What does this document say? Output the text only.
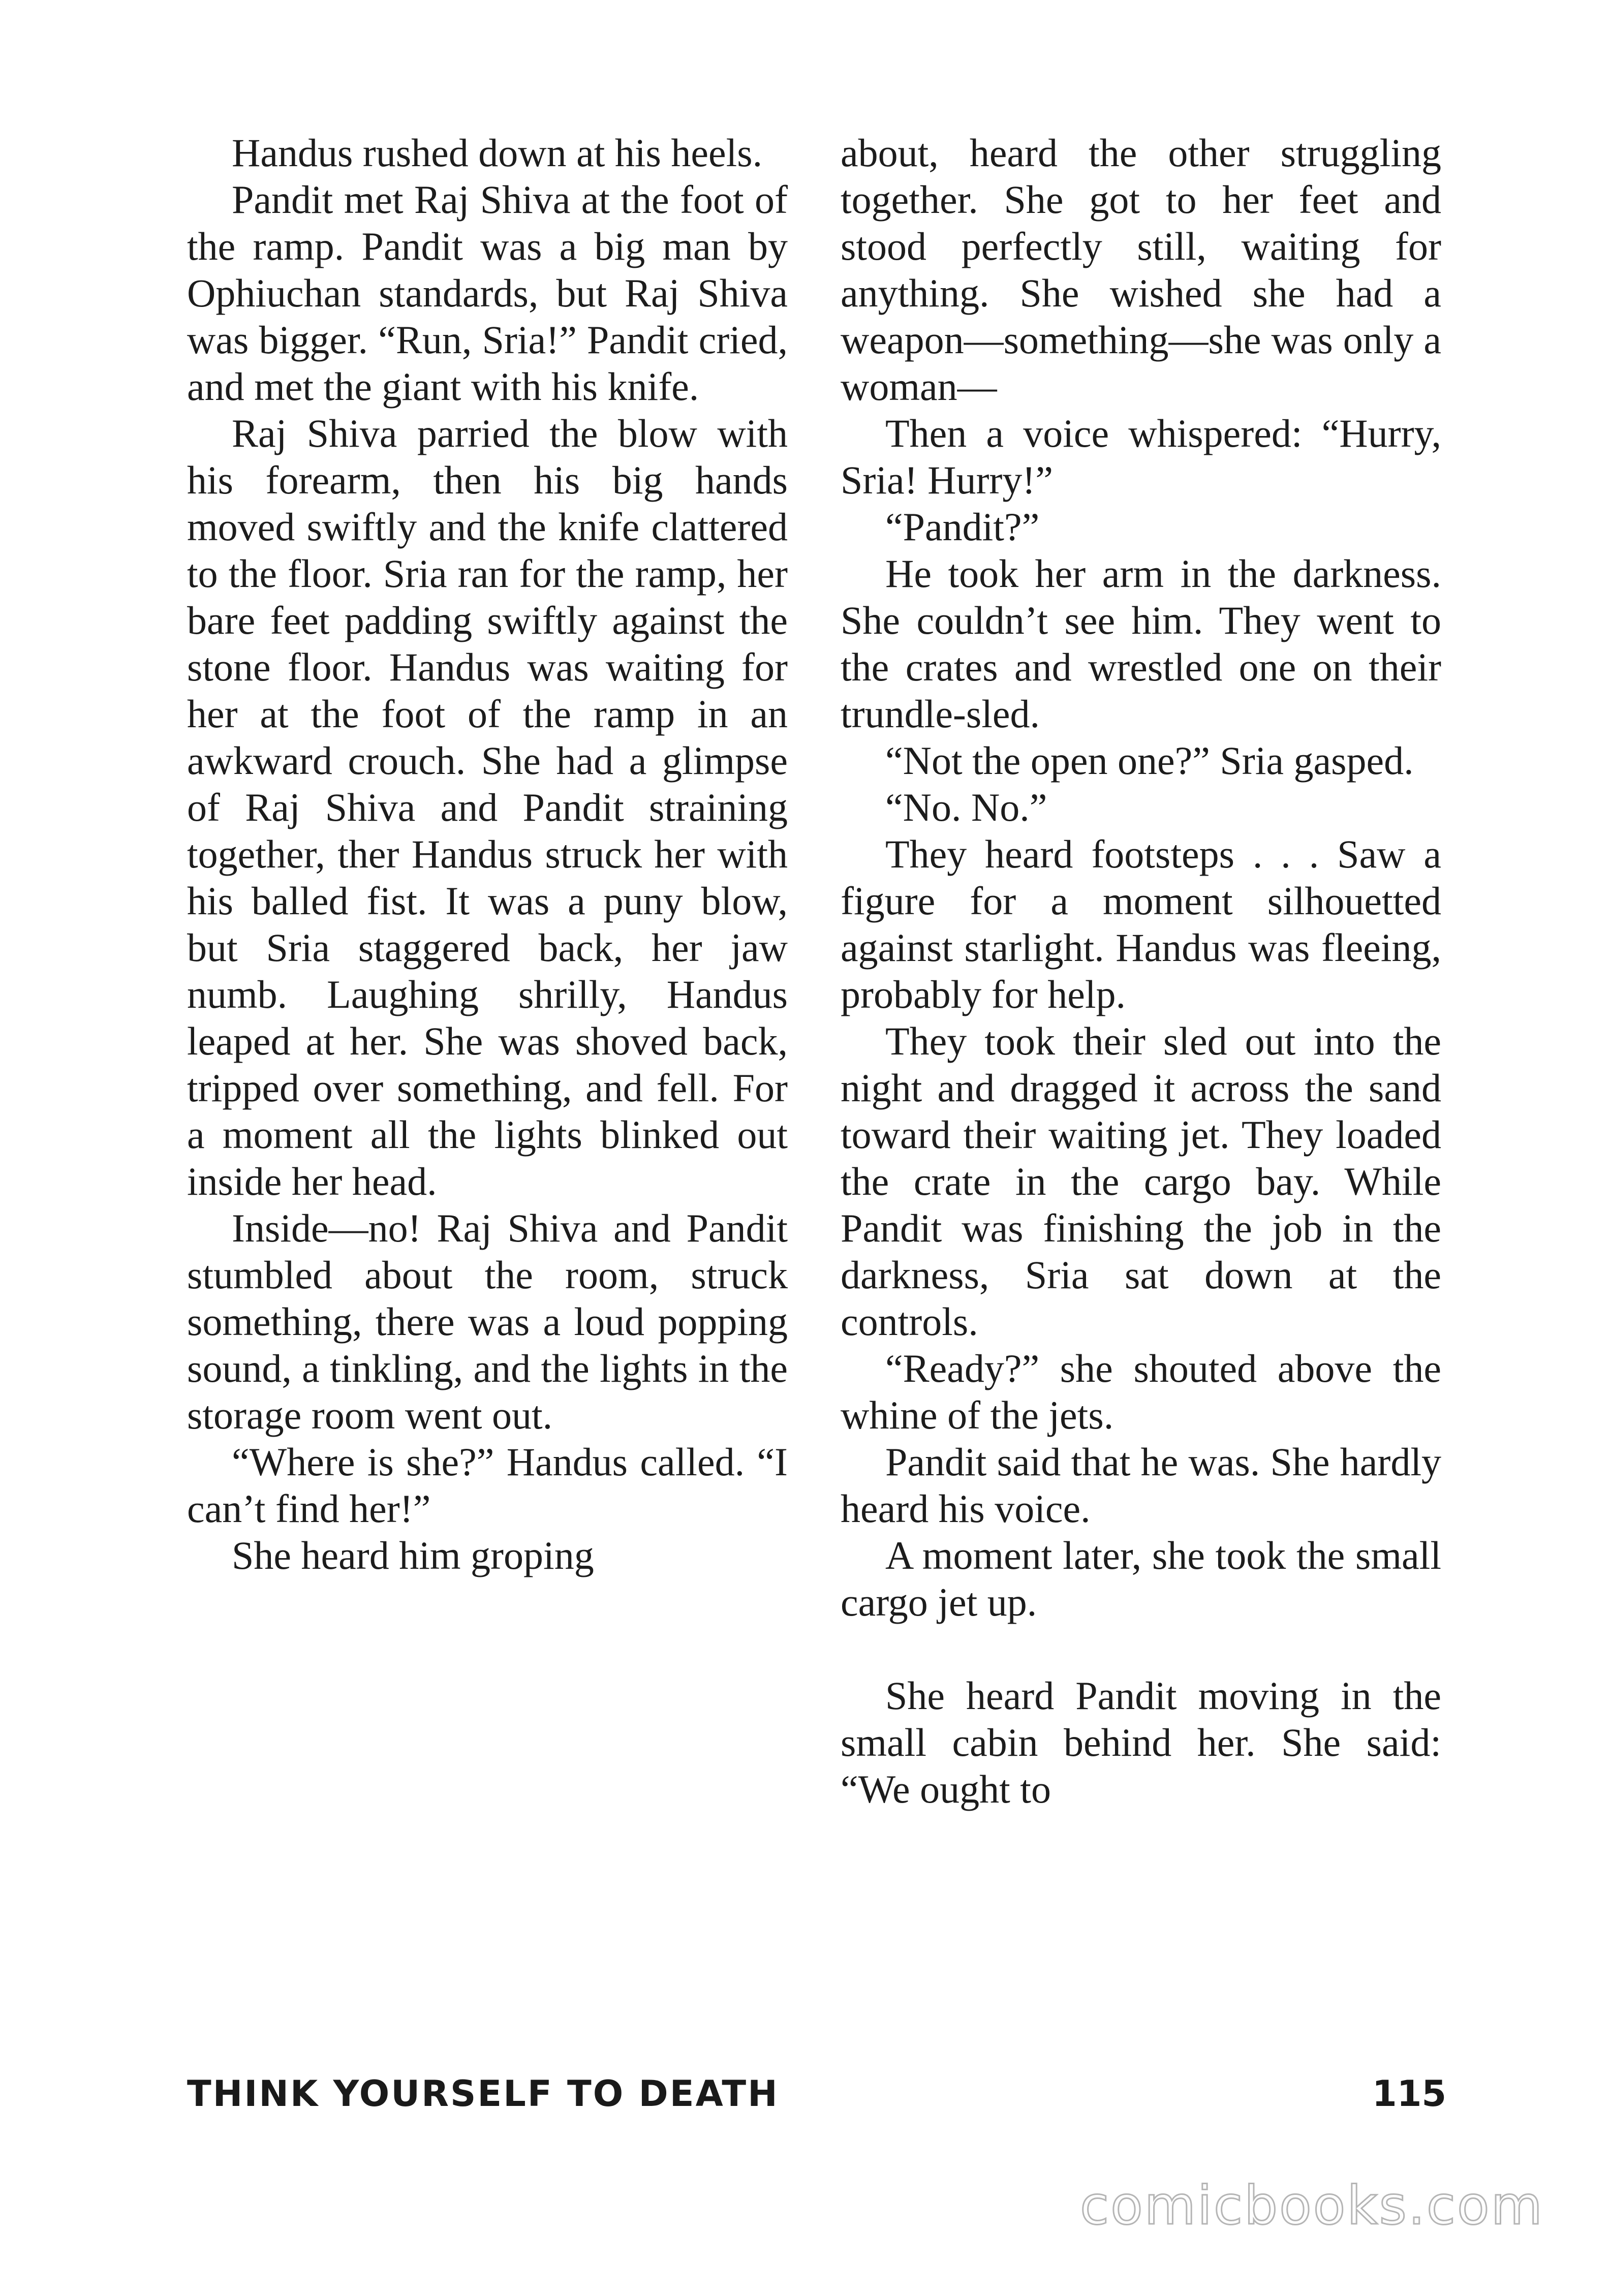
Handus rushed down at his heels.

Pandit met Raj Shiva at the foot of the ramp. Pandit was a big man by Ophiuchan standards, but Raj Shiva was bigger. “Run, Sria!” Pandit cried, and met the giant with his knife.

Raj Shiva parried the blow with his forearm, then his big hands moved swiftly and the knife clattered to the floor. Sria ran for the ramp, her bare feet padding swiftly against the stone floor. Handus was waiting for her at the foot of the ramp in an awkward crouch. She had a glimpse of Raj Shiva and Pandit straining together, ther Handus struck her with his balled fist. It was a puny blow, but Sria staggered back, her jaw numb. Laughing shrilly, Handus leaped at her. She was shoved back, tripped over something, and fell. For a moment all the lights blinked out inside her head.

Inside—no! Raj Shiva and Pandit stumbled about the room, struck something, there was a loud popping sound, a tinkling, and the lights in the storage room went out.

“Where is she?” Handus called. “I can’t find her!”

She heard him groping

about, heard the other struggling together. She got to her feet and stood perfectly still, waiting for anything. She wished she had a weapon—something—she was only a woman—

Then a voice whispered: “Hurry, Sria! Hurry!”

“Pandit?”

He took her arm in the darkness. She couldn’t see him. They went to the crates and wrestled one on their trundle-sled.

“Not the open one?” Sria gasped.

“No. No.”

They heard footsteps . . . Saw a figure for a moment silhouetted against starlight. Handus was fleeing, probably for help.

They took their sled out into the night and dragged it across the sand toward their waiting jet. They loaded the crate in the cargo bay. While Pandit was finishing the job in the darkness, Sria sat down at the controls.

“Ready?” she shouted above the whine of the jets.

Pandit said that he was. She hardly heard his voice.

A moment later, she took the small cargo jet up.

She heard Pandit moving in the small cabin behind her. She said: “We ought to

THINK YOURSELF TO DEATH	115
comicbooks.com
